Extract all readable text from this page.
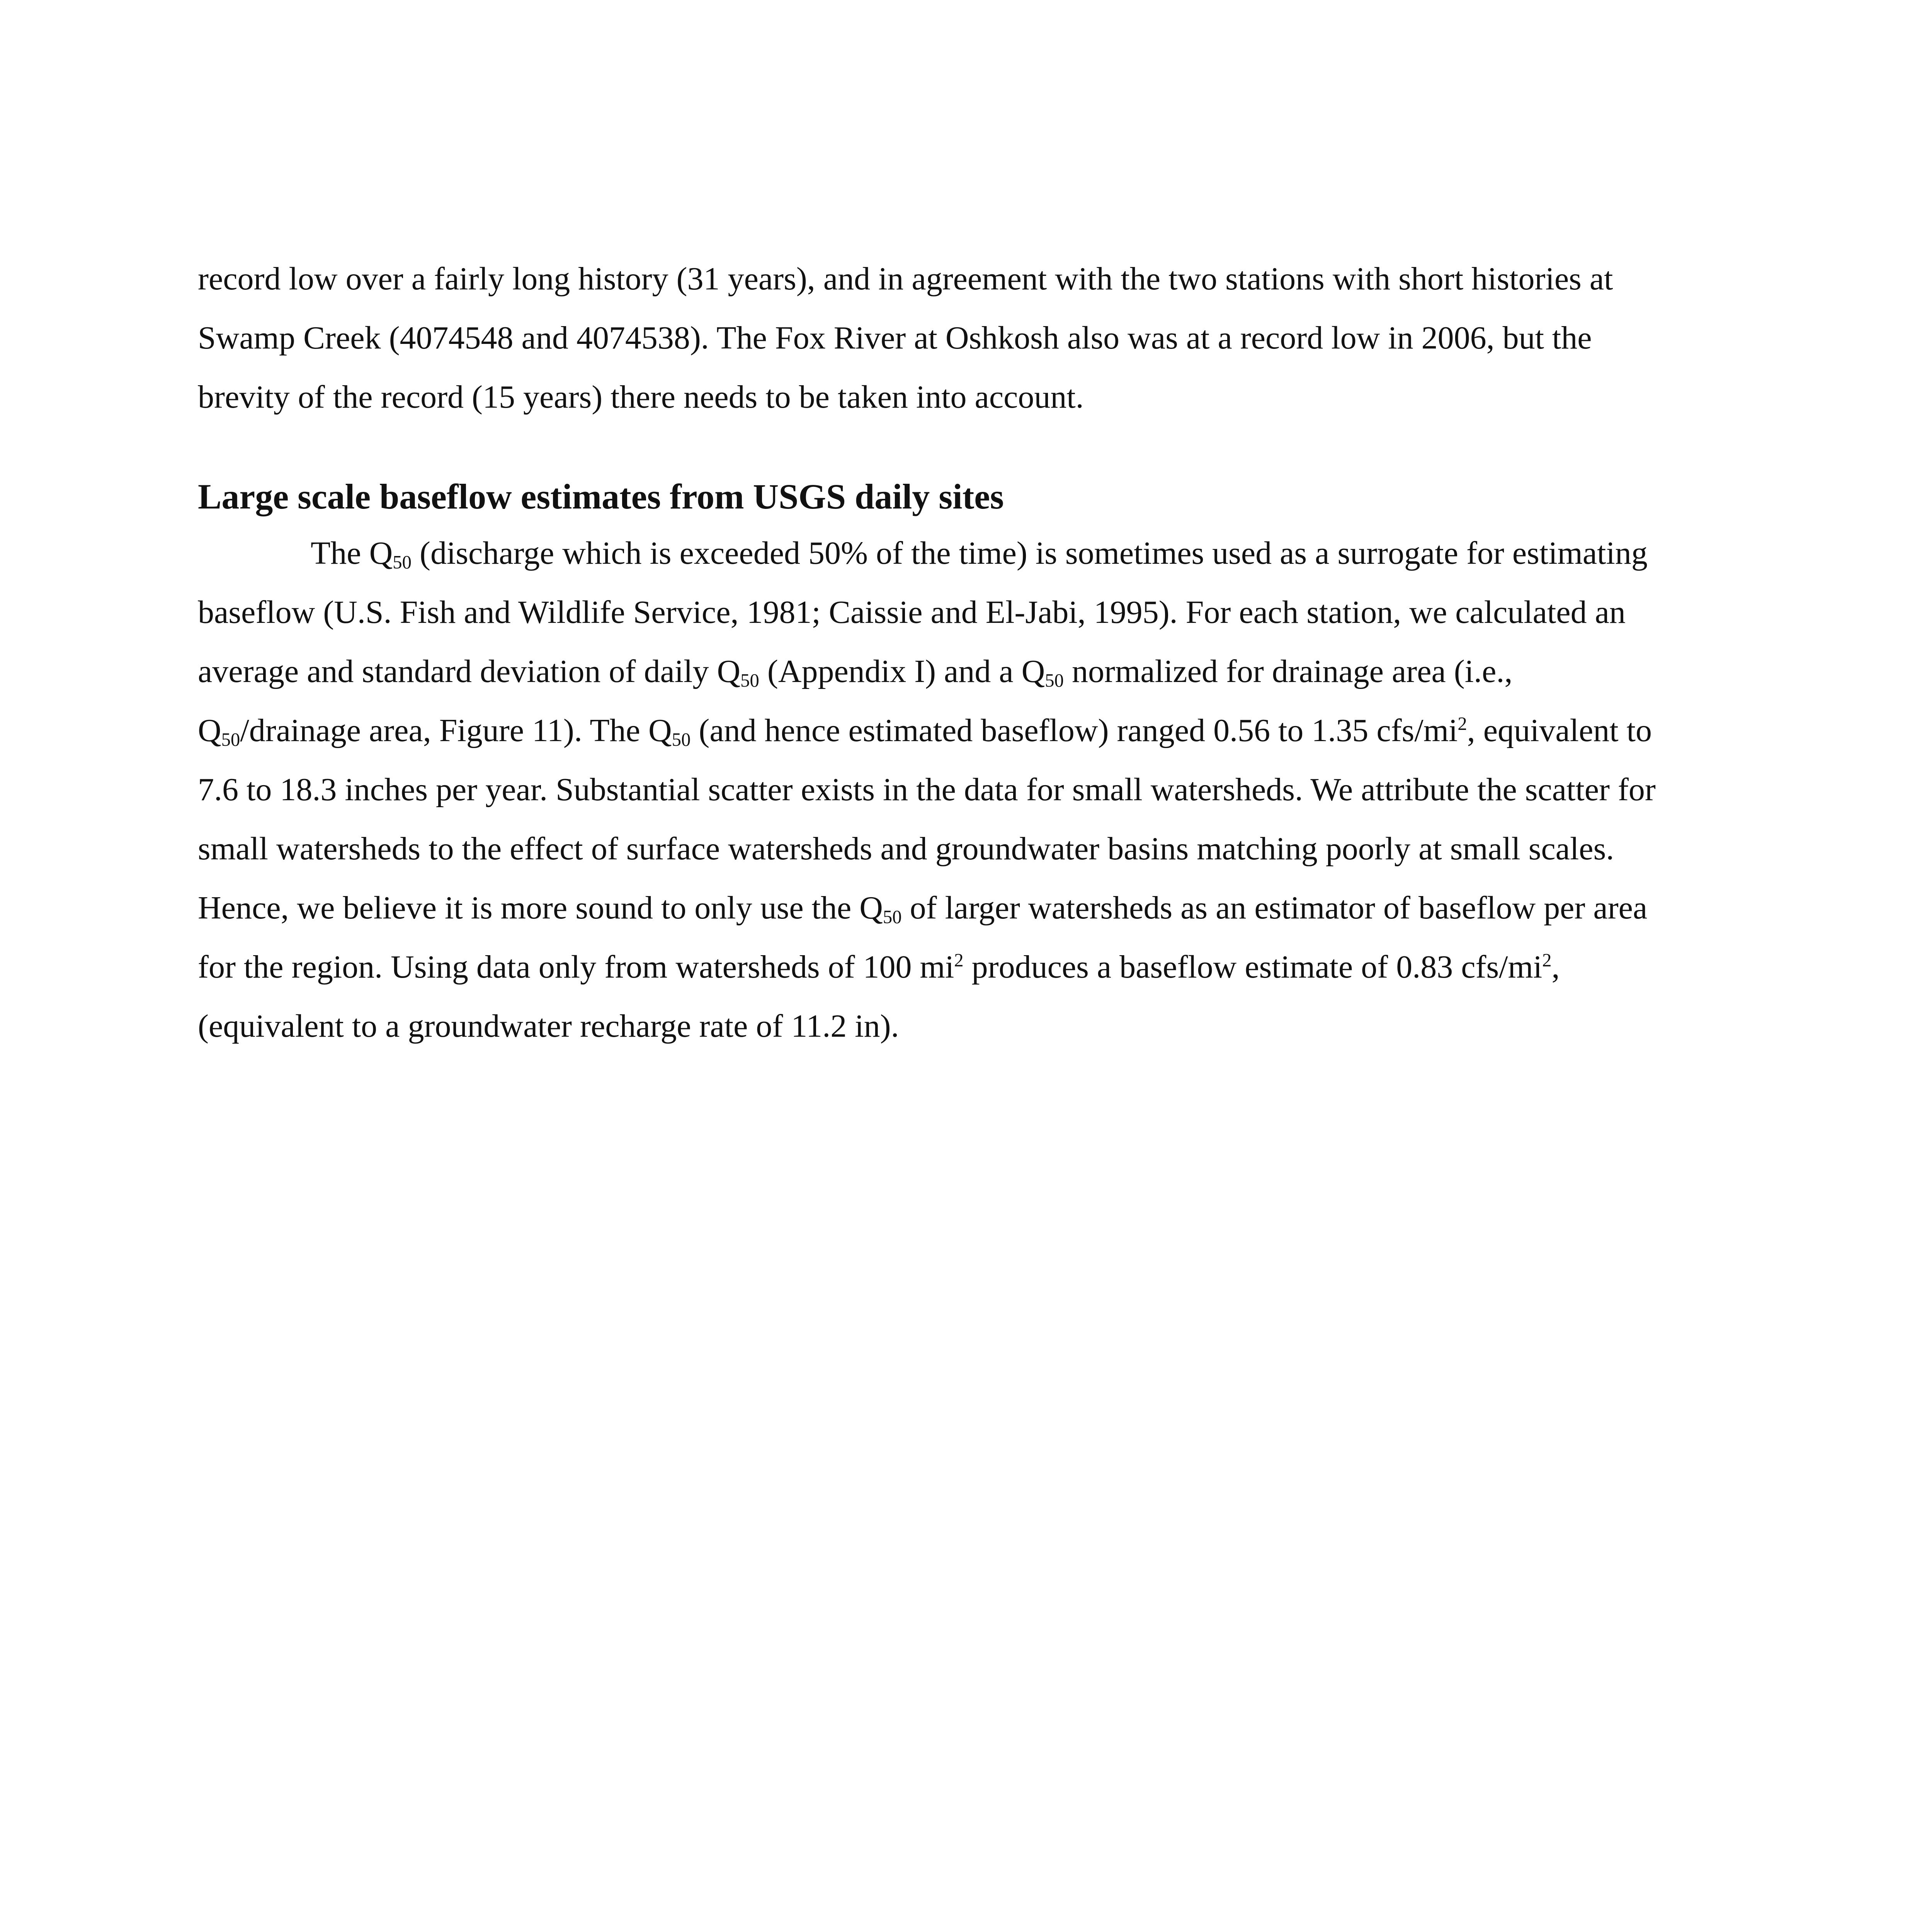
record low over a fairly long history (31 years), and in agreement with the two stations with short histories at
Swamp Creek (4074548 and 4074538). The Fox River at Oshkosh also was at a record low in 2006, but the
brevity of the record (15 years) there needs to be taken into account.
Large scale baseflow estimates from USGS daily sites
The $Q_{50}$ (discharge which is exceeded 50% of the time) is sometimes used as a surrogate for estimating
baseflow (U.S. Fish and Wildlife Service, 1981; Caissie and El-Jabi, 1995). For each station, we calculated an
average and standard deviation of daily $Q_{50}$ (Appendix I) and a $Q_{50}$ normalized for drainage area (i.e.,
$Q_{50}$/drainage area, Figure 11). The $Q_{50}$ (and hence estimated baseflow) ranged 0.56 to 1.35 cfs/$mi^2$, equivalent to
7.6 to 18.3 inches per year. Substantial scatter exists in the data for small watersheds. We attribute the scatter for
small watersheds to the effect of surface watersheds and groundwater basins matching poorly at small scales.
Hence, we believe it is more sound to only use the $Q_{50}$ of larger watersheds as an estimator of baseflow per area
for the region. Using data only from watersheds of 100 $mi^2$ produces a baseflow estimate of 0.83 cfs/$mi^2$,
(equivalent to a groundwater recharge rate of 11.2 in).
